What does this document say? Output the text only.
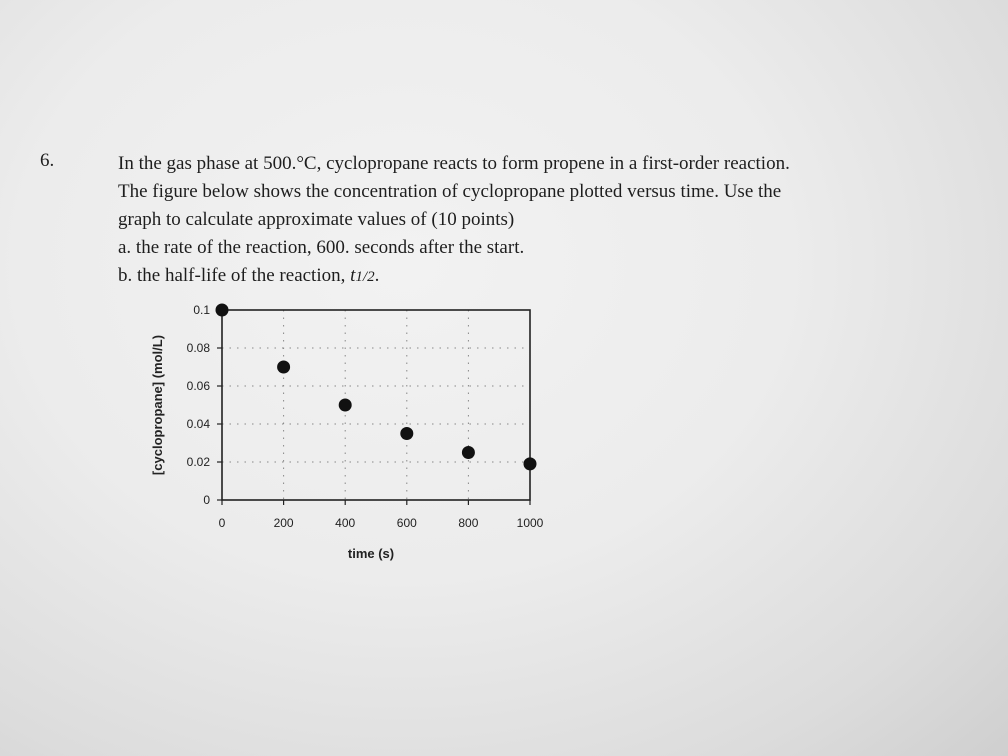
6.	In the gas phase at 500.°C, cyclopropane reacts to form propene in a first-order reaction.
The figure below shows the concentration of cyclopropane plotted versus time. Use the
graph to calculate approximate values of (10 points)
a. the rate of the reaction, 600. seconds after the start.
b. the half-life of the reaction, t1/2.
0
0.02
0.04
0.06
0.08
0.1
0	200	400	600	800	1000
time (s)
[cyclopropane] (mol/L)
